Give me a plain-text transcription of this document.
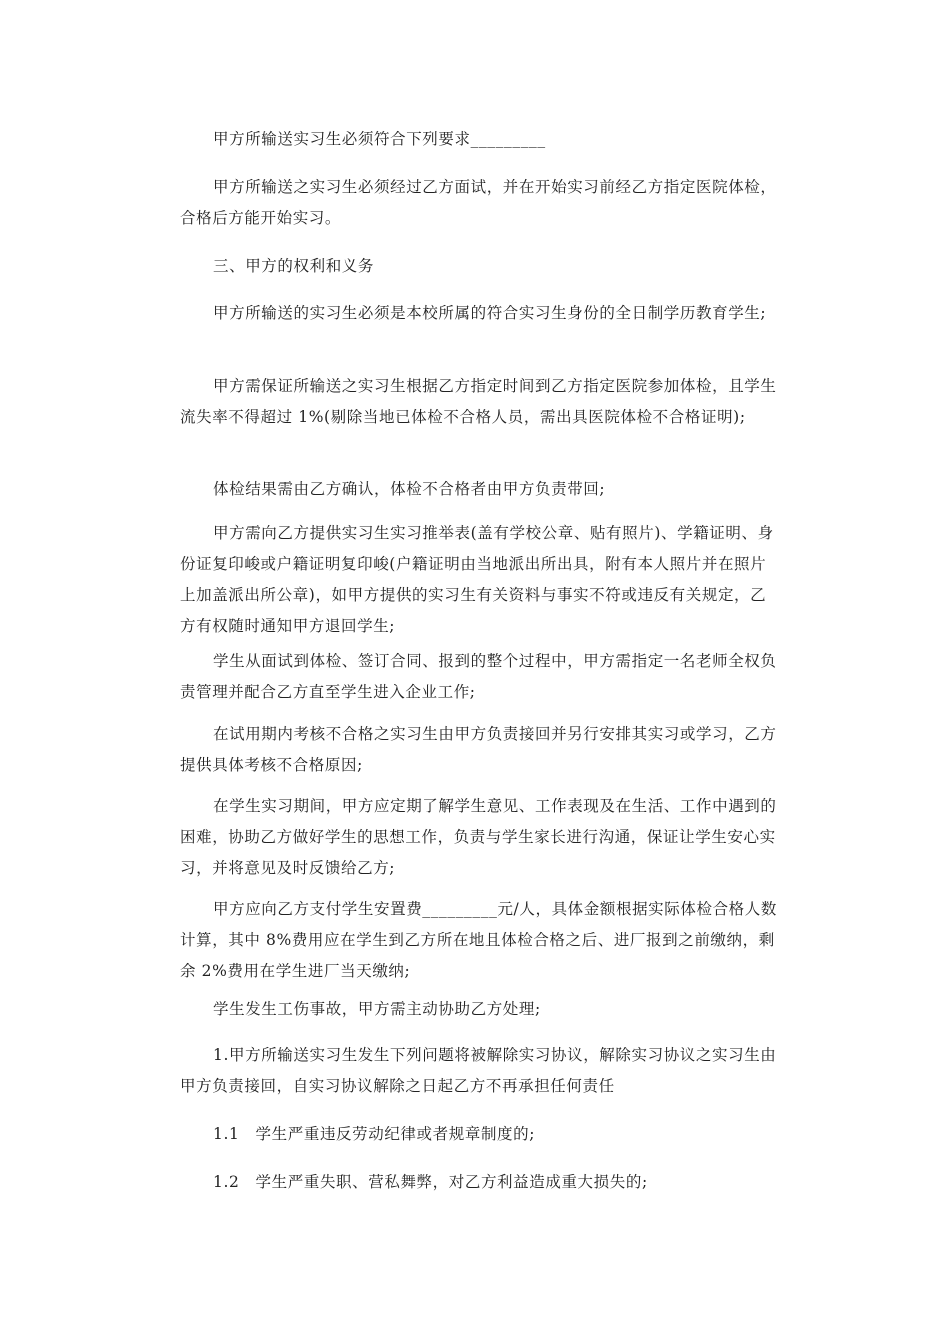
甲方所输送实习生必须符合下列要求_________

甲方所输送之实习生必须经过乙方面试，并在开始实习前经乙方指定医院体检，合格后方能开始实习。

三、甲方的权利和义务

甲方所输送的实习生必须是本校所属的符合实习生身份的全日制学历教育学生;

甲方需保证所输送之实习生根据乙方指定时间到乙方指定医院参加体检，且学生流失率不得超过 1%(剔除当地已体检不合格人员，需出具医院体检不合格证明);

体检结果需由乙方确认，体检不合格者由甲方负责带回;

甲方需向乙方提供实习生实习推举表(盖有学校公章、贴有照片)、学籍证明、身份证复印峻或户籍证明复印峻(户籍证明由当地派出所出具，附有本人照片并在照片上加盖派出所公章)，如甲方提供的实习生有关资料与事实不符或违反有关规定，乙方有权随时通知甲方退回学生;

学生从面试到体检、签订合同、报到的整个过程中，甲方需指定一名老师全权负责管理并配合乙方直至学生进入企业工作;

在试用期内考核不合格之实习生由甲方负责接回并另行安排其实习或学习，乙方提供具体考核不合格原因;

在学生实习期间，甲方应定期了解学生意见、工作表现及在生活、工作中遇到的困难，协助乙方做好学生的思想工作，负责与学生家长进行沟通，保证让学生安心实习，并将意见及时反馈给乙方;

甲方应向乙方支付学生安置费_________元/人，具体金额根据实际体检合格人数计算，其中 8%费用应在学生到乙方所在地且体检合格之后、进厂报到之前缴纳，剩余 2%费用在学生进厂当天缴纳;

学生发生工伤事故，甲方需主动协助乙方处理;

1.甲方所输送实习生发生下列问题将被解除实习协议，解除实习协议之实习生由甲方负责接回，自实习协议解除之日起乙方不再承担任何责任

1.1　学生严重违反劳动纪律或者规章制度的;

1.2　学生严重失职、营私舞弊，对乙方利益造成重大损失的;
